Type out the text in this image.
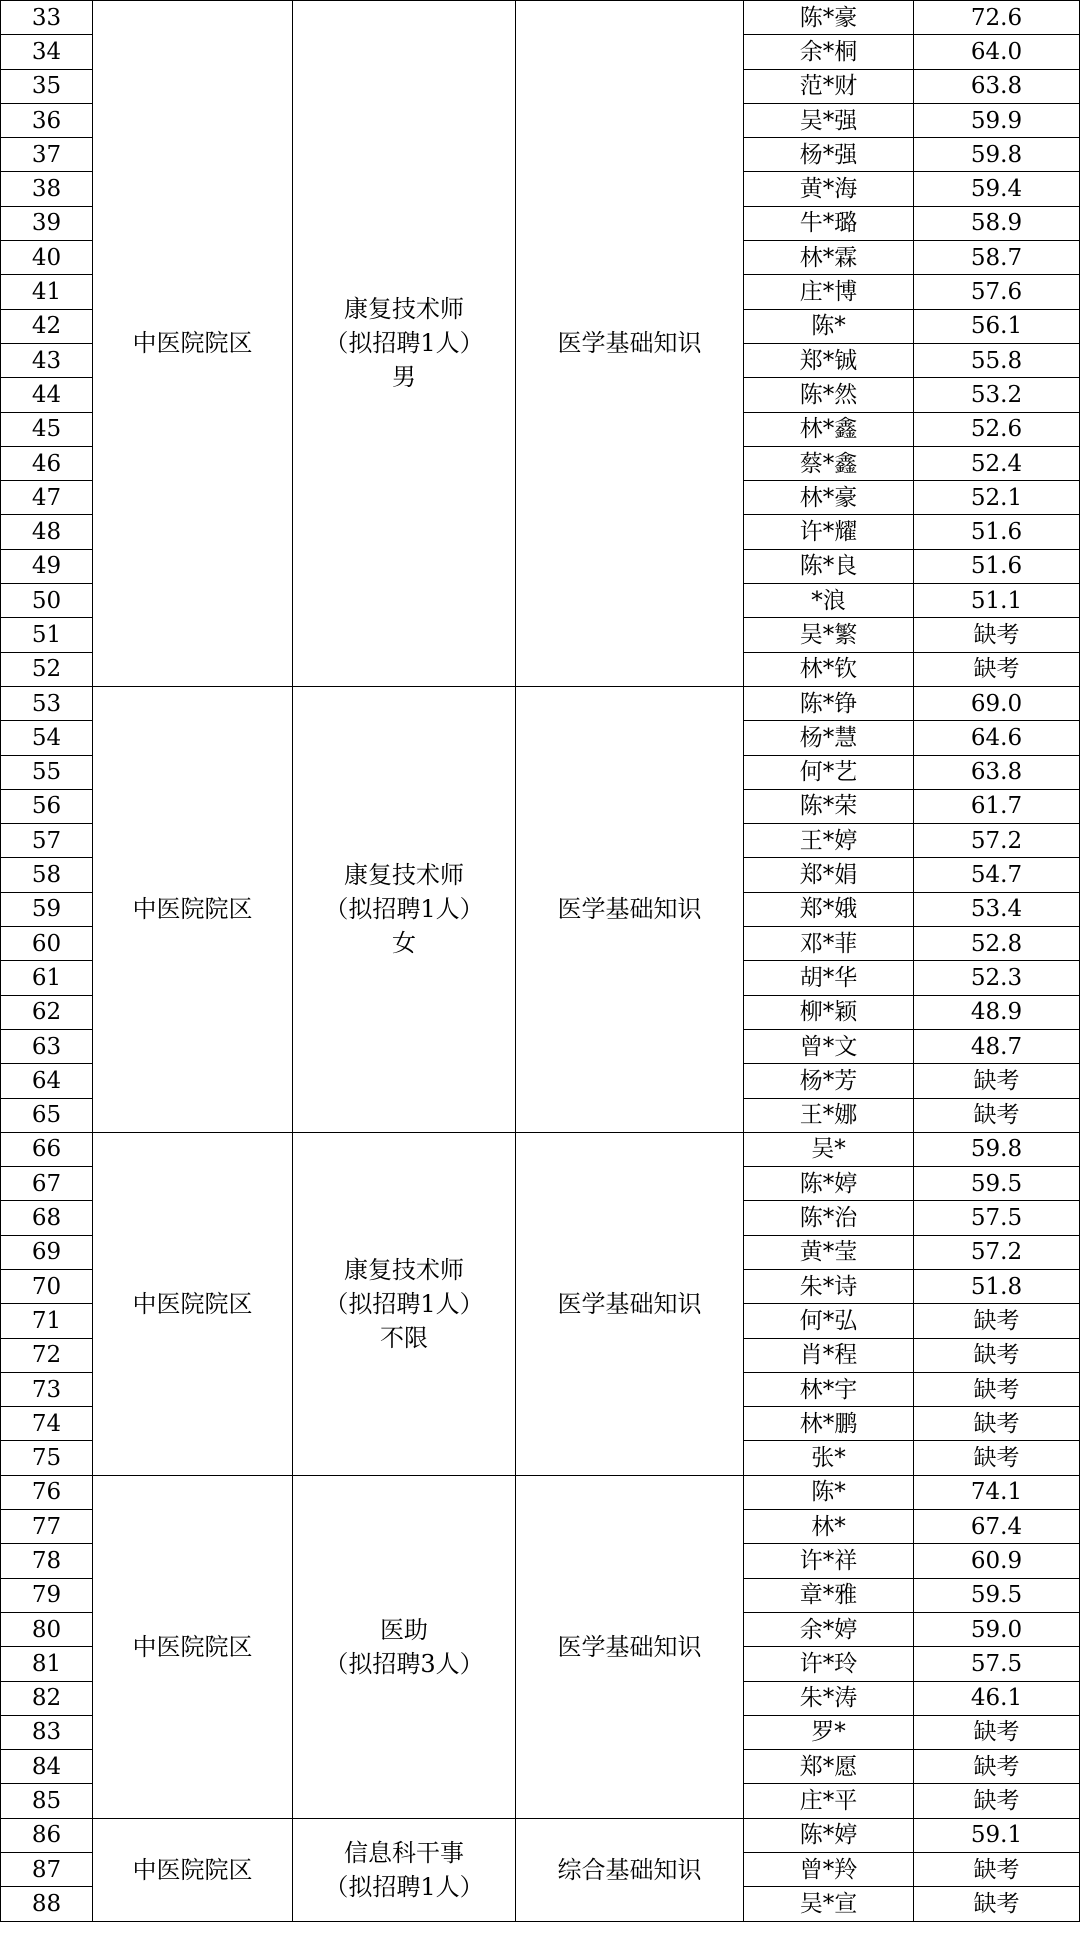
33	中医院院区	康复技术师
（拟招聘1人）
男	医学基础知识	陈*豪	72.6
34				余*桐	64.0
35				范*财	63.8
36				吴*强	59.9
37				杨*强	59.8
38				黄*海	59.4
39				牛*璐	58.9
40				林*霖	58.7
41				庄*博	57.6
42				陈*	56.1
43				郑*铖	55.8
44				陈*然	53.2
45				林*鑫	52.6
46				蔡*鑫	52.4
47				林*豪	52.1
48				许*耀	51.6
49				陈*良	51.6
50				*浪	51.1
51				吴*繁	缺考
52				林*钦	缺考
53	中医院院区	康复技术师
（拟招聘1人）
女	医学基础知识	陈*铮	69.0
54				杨*慧	64.6
55				何*艺	63.8
56				陈*荣	61.7
57				王*婷	57.2
58				郑*娟	54.7
59				郑*娥	53.4
60				邓*菲	52.8
61				胡*华	52.3
62				柳*颖	48.9
63				曾*文	48.7
64				杨*芳	缺考
65				王*娜	缺考
66	中医院院区	康复技术师
（拟招聘1人）
不限	医学基础知识	吴*	59.8
67				陈*婷	59.5
68				陈*治	57.5
69				黄*莹	57.2
70				朱*诗	51.8
71				何*弘	缺考
72				肖*程	缺考
73				林*宇	缺考
74				林*鹏	缺考
75				张*	缺考
76	中医院院区	医助
（拟招聘3人）	医学基础知识	陈*	74.1
77				林*	67.4
78				许*祥	60.9
79				章*雅	59.5
80				余*婷	59.0
81				许*玲	57.5
82				朱*涛	46.1
83				罗*	缺考
84				郑*愿	缺考
85				庄*平	缺考
86	中医院院区	信息科干事
（拟招聘1人）	综合基础知识	陈*婷	59.1
87				曾*羚	缺考
88				吴*宣	缺考
